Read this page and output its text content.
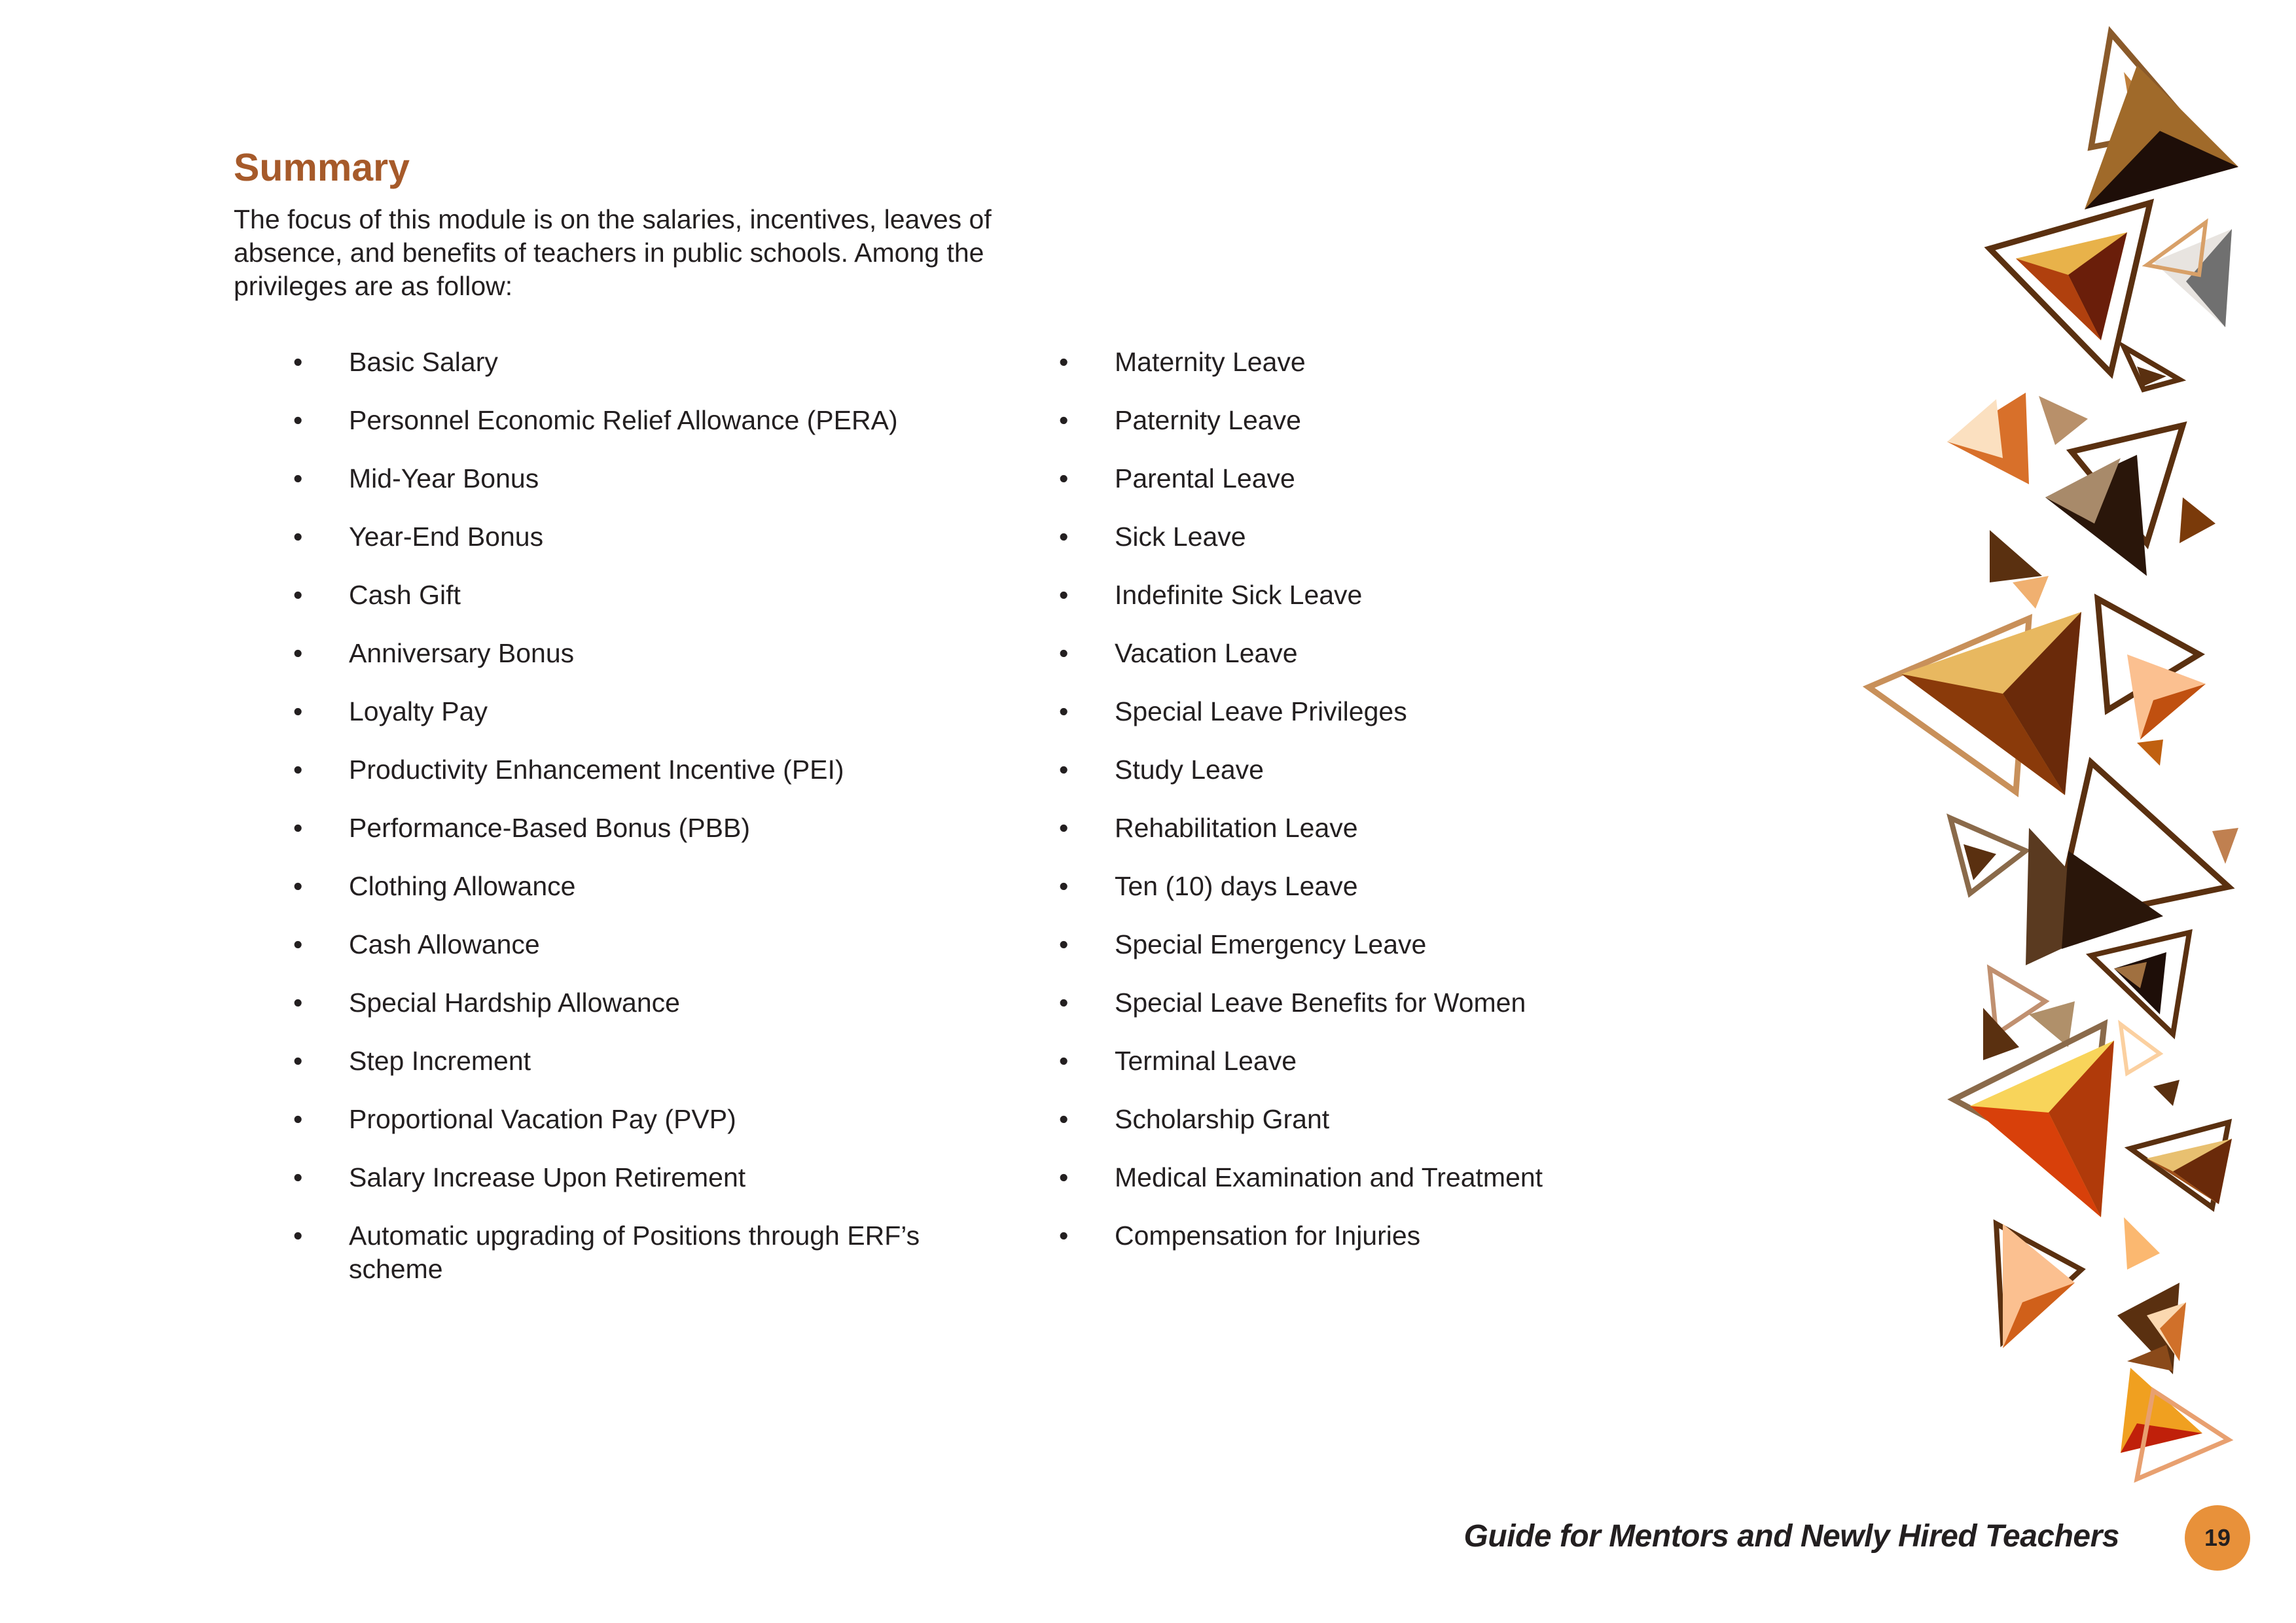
Summary

The focus of this module is on the salaries, incentives, leaves of absence, and benefits of teachers in public schools. Among the privileges are as follow:

• Basic Salary
• Personnel Economic Relief Allowance (PERA)
• Mid-Year Bonus
• Year-End Bonus
• Cash Gift
• Anniversary Bonus
• Loyalty Pay
• Productivity Enhancement Incentive (PEI)
• Performance-Based Bonus (PBB)
• Clothing Allowance
• Cash Allowance
• Special Hardship Allowance
• Step Increment
• Proportional Vacation Pay (PVP)
• Salary Increase Upon Retirement
• Automatic upgrading of Positions through ERF’s scheme
• Maternity Leave
• Paternity Leave
• Parental Leave
• Sick Leave
• Indefinite Sick Leave
• Vacation Leave
• Special Leave Privileges
• Study Leave
• Rehabilitation Leave
• Ten (10) days Leave
• Special Emergency Leave
• Special Leave Benefits for Women
• Terminal Leave
• Scholarship Grant
• Medical Examination and Treatment
• Compensation for Injuries
Guide for Mentors and Newly Hired Teachers	19
